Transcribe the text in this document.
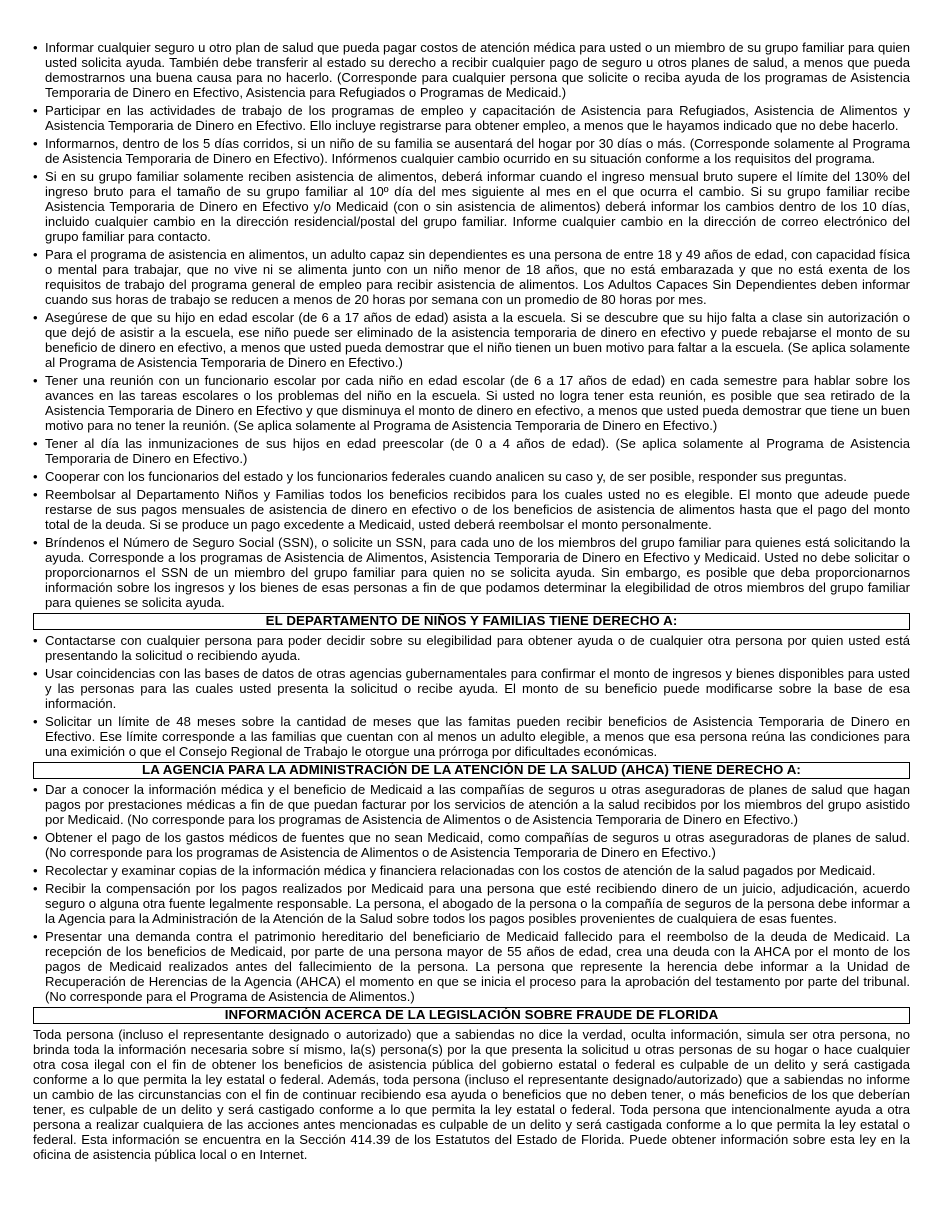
• Informar cualquier seguro u otro plan de salud que pueda pagar costos de atención médica para usted o un miembro de su grupo familiar para quien usted solicita ayuda. También debe transferir al estado su derecho a recibir cualquier pago de seguro u otros planes de salud, a menos que pueda demostrarnos una buena causa para no hacerlo. (Corresponde para cualquier persona que solicite o reciba ayuda de los programas de Asistencia Temporaria de Dinero en Efectivo, Asistencia para Refugiados o Programas de Medicaid.)
• Participar en las actividades de trabajo de los programas de empleo y capacitación de Asistencia para Refugiados, Asistencia de Alimentos y Asistencia Temporaria de Dinero en Efectivo. Ello incluye registrarse para obtener empleo, a menos que le hayamos indicado que no debe hacerlo.
• Informarnos, dentro de los 5 días corridos, si un niño de su familia se ausentará del hogar por 30 días o más. (Corresponde solamente al Programa de Asistencia Temporaria de Dinero en Efectivo). Infórmenos cualquier cambio ocurrido en su situación conforme a los requisitos del programa.
• Si en su grupo familiar solamente reciben asistencia de alimentos, deberá informar cuando el ingreso mensual bruto supere el límite del 130% del ingreso bruto para el tamaño de su grupo familiar al 10º día del mes siguiente al mes en el que ocurra el cambio. Si su grupo familiar recibe Asistencia Temporaria de Dinero en Efectivo y/o Medicaid (con o sin asistencia de alimentos) deberá informar los cambios dentro de los 10 días, incluido cualquier cambio en la dirección residencial/postal del grupo familiar. Informe cualquier cambio en la dirección de correo electrónico del grupo familiar para contacto.
• Para el programa de asistencia en alimentos, un adulto capaz sin dependientes es una persona de entre 18 y 49 años de edad, con capacidad física o mental para trabajar, que no vive ni se alimenta junto con un niño menor de 18 años, que no está embarazada y que no está exenta de los requisitos de trabajo del programa general de empleo para recibir asistencia de alimentos. Los Adultos Capaces Sin Dependientes deben informar cuando sus horas de trabajo se reducen a menos de 20 horas por semana con un promedio de 80 horas por mes.
• Asegúrese de que su hijo en edad escolar (de 6 a 17 años de edad) asista a la escuela. Si se descubre que su hijo falta a clase sin autorización o que dejó de asistir a la escuela, ese niño puede ser eliminado de la asistencia temporaria de dinero en efectivo y puede rebajarse el monto de su beneficio de dinero en efectivo, a menos que usted pueda demostrar que el niño tienen un buen motivo para faltar a la escuela. (Se aplica solamente al Programa de Asistencia Temporaria de Dinero en Efectivo.)
• Tener una reunión con un funcionario escolar por cada niño en edad escolar (de 6 a 17 años de edad) en cada semestre para hablar sobre los avances en las tareas escolares o los problemas del niño en la escuela. Si usted no logra tener esta reunión, es posible que sea retirado de la Asistencia Temporaria de Dinero en Efectivo y que disminuya el monto de dinero en efectivo, a menos que usted pueda demostrar que tiene un buen motivo para no tener la reunión. (Se aplica solamente al Programa de Asistencia Temporaria de Dinero en Efectivo.)
• Tener al día las inmunizaciones de sus hijos en edad preescolar (de 0 a 4 años de edad). (Se aplica solamente al Programa de Asistencia Temporaria de Dinero en Efectivo.)
• Cooperar con los funcionarios del estado y los funcionarios federales cuando analicen su caso y, de ser posible, responder sus preguntas.
• Reembolsar al Departamento Niños y Familias todos los beneficios recibidos para los cuales usted no es elegible. El monto que adeude puede restarse de sus pagos mensuales de asistencia de dinero en efectivo o de los beneficios de asistencia de alimentos hasta que el pago del monto total de la deuda. Si se produce un pago excedente a Medicaid, usted deberá reembolsar el monto personalmente.
• Bríndenos el Número de Seguro Social (SSN), o solicite un SSN, para cada uno de los miembros del grupo familiar para quienes está solicitando la ayuda. Corresponde a los programas de Asistencia de Alimentos, Asistencia Temporaria de Dinero en Efectivo y Medicaid. Usted no debe solicitar o proporcionarnos el SSN de un miembro del grupo familiar para quien no se solicita ayuda. Sin embargo, es posible que deba proporcionarnos información sobre los ingresos y los bienes de esas personas a fin de que podamos determinar la elegibilidad de otros miembros del grupo familiar para quienes se solicita ayuda.
EL DEPARTAMENTO DE NIÑOS Y FAMILIAS TIENE DERECHO A:
• Contactarse con cualquier persona para poder decidir sobre su elegibilidad para obtener ayuda o de cualquier otra persona por quien usted está presentando la solicitud o recibiendo ayuda.
• Usar coincidencias con las bases de datos de otras agencias gubernamentales para confirmar el monto de ingresos y bienes disponibles para usted y las personas para las cuales usted presenta la solicitud o recibe ayuda. El monto de su beneficio puede modificarse sobre la base de esa información.
• Solicitar un límite de 48 meses sobre la cantidad de meses que las famitas pueden recibir beneficios de Asistencia Temporaria de Dinero en Efectivo. Ese límite corresponde a las familias que cuentan con al menos un adulto elegible, a menos que esa persona reúna las condiciones para una eximición o que el Consejo Regional de Trabajo le otorgue una prórroga por dificultades económicas.
LA AGENCIA PARA LA ADMINISTRACIÓN DE LA ATENCIÓN DE LA SALUD (AHCA) TIENE DERECHO A:
• Dar a conocer la información médica y el beneficio de Medicaid a las compañías de seguros u otras aseguradoras de planes de salud que hagan pagos por prestaciones médicas a fin de que puedan facturar por los servicios de atención a la salud recibidos por los miembros del grupo asistido por Medicaid. (No corresponde para los programas de Asistencia de Alimentos o de Asistencia Temporaria de Dinero en Efectivo.)
• Obtener el pago de los gastos médicos de fuentes que no sean Medicaid, como compañías de seguros u otras aseguradoras de planes de salud. (No corresponde para los programas de Asistencia de Alimentos o de Asistencia Temporaria de Dinero en Efectivo.)
• Recolectar y examinar copias de la información médica y financiera relacionadas con los costos de atención de la salud pagados por Medicaid.
• Recibir la compensación por los pagos realizados por Medicaid para una persona que esté recibiendo dinero de un juicio, adjudicación, acuerdo seguro o alguna otra fuente legalmente responsable. La persona, el abogado de la persona o la compañía de seguros de la persona debe informar a la Agencia para la Administración de la Atención de la Salud sobre todos los pagos posibles provenientes de cualquiera de esas fuentes.
• Presentar una demanda contra el patrimonio hereditario del beneficiario de Medicaid fallecido para el reembolso de la deuda de Medicaid. La recepción de los beneficios de Medicaid, por parte de una persona mayor de 55 años de edad, crea una deuda con la AHCA por el monto de los pagos de Medicaid realizados antes del fallecimiento de la persona. La persona que represente la herencia debe informar a la Unidad de Recuperación de Herencias de la Agencia (AHCA) el momento en que se inicia el proceso para la aprobación del testamento por parte del tribunal. (No corresponde para el Programa de Asistencia de Alimentos.)
INFORMACIÓN ACERCA DE LA LEGISLACIÓN SOBRE FRAUDE DE FLORIDA

Toda persona (incluso el representante designado o autorizado) que a sabiendas no dice la verdad, oculta información, simula ser otra persona, no brinda toda la información necesaria sobre sí mismo, la(s) persona(s) por la que presenta la solicitud u otras personas de su hogar o hace cualquier otra cosa ilegal con el fin de obtener los beneficios de asistencia pública del gobierno estatal o federal es culpable de un delito y será castigada conforme a lo que permita la ley estatal o federal. Además, toda persona (incluso el representante designado/autorizado) que a sabiendas no informe un cambio de las circunstancias con el fin de continuar recibiendo esa ayuda o beneficios que no deben tener, o más beneficios de los que deberían tener, es culpable de un delito y será castigado conforme a lo que permita la ley estatal o federal. Toda persona que intencionalmente ayuda a otra persona a realizar cualquiera de las acciones antes mencionadas es culpable de un delito y será castigada conforme a lo que permita la ley estatal o federal. Esta información se encuentra en la Sección 414.39 de los Estatutos del Estado de Florida. Puede obtener información sobre esta ley en la oficina de asistencia pública local o en Internet.
